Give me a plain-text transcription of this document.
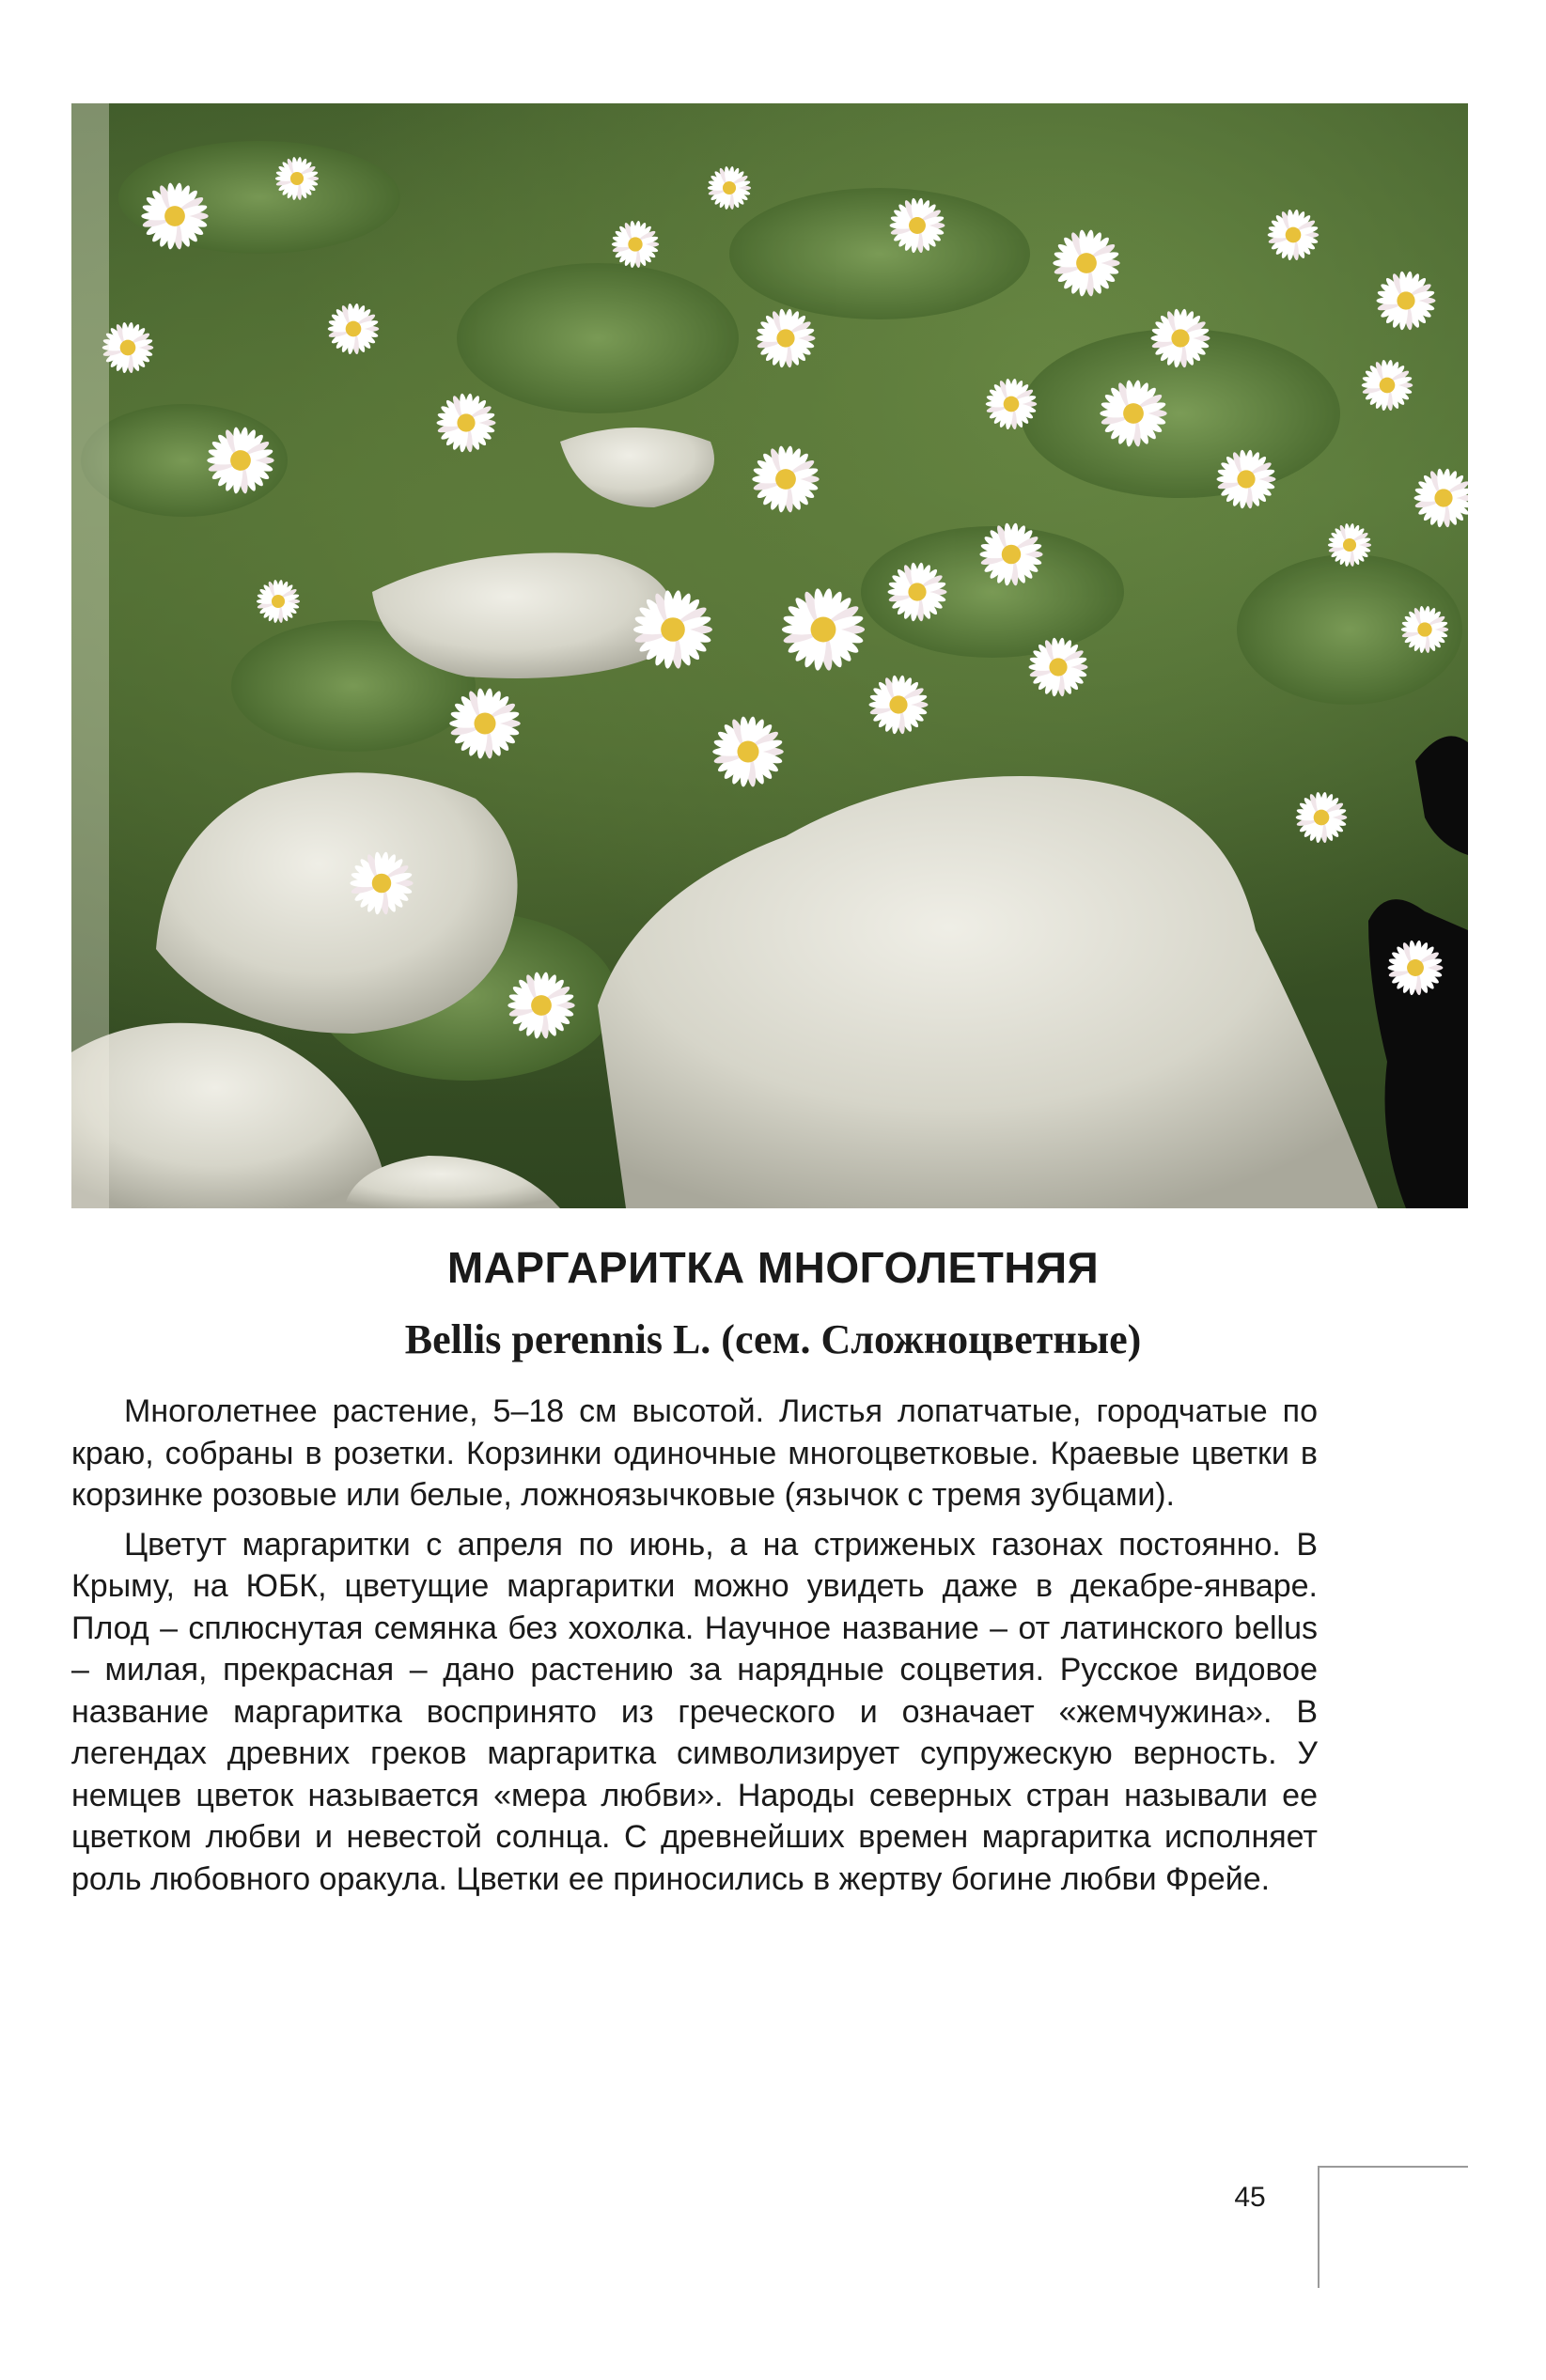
МАРГАРИТКА МНОГОЛЕТНЯЯ
Bellis perennis L. (сем. Сложноцветные)

Многолетнее растение, 5–18 см высотой. Листья лопатчатые, городчатые по краю, собраны в розетки. Корзинки одиночные многоцветковые. Краевые цветки в корзинке розовые или белые, ложноязычковые (язычок с тремя зубцами).

Цветут маргаритки с апреля по июнь, а на стриженых газонах постоянно. В Крыму, на ЮБК, цветущие маргаритки можно увидеть даже в декабре-январе. Плод – сплюснутая семянка без хохолка. Научное название – от латинского bellus – милая, прекрасная – дано растению за нарядные соцветия. Русское видовое название маргаритка воспринято из греческого и означает «жемчужина». В легендах древних греков маргаритка символизирует супружескую верность. У немцев цветок называется «мера любви». Народы северных стран называли ее цветком любви и невестой солнца. С древнейших времен маргаритка исполняет роль любовного оракула. Цветки ее приносились в жертву богине любви Фрейе.

45
